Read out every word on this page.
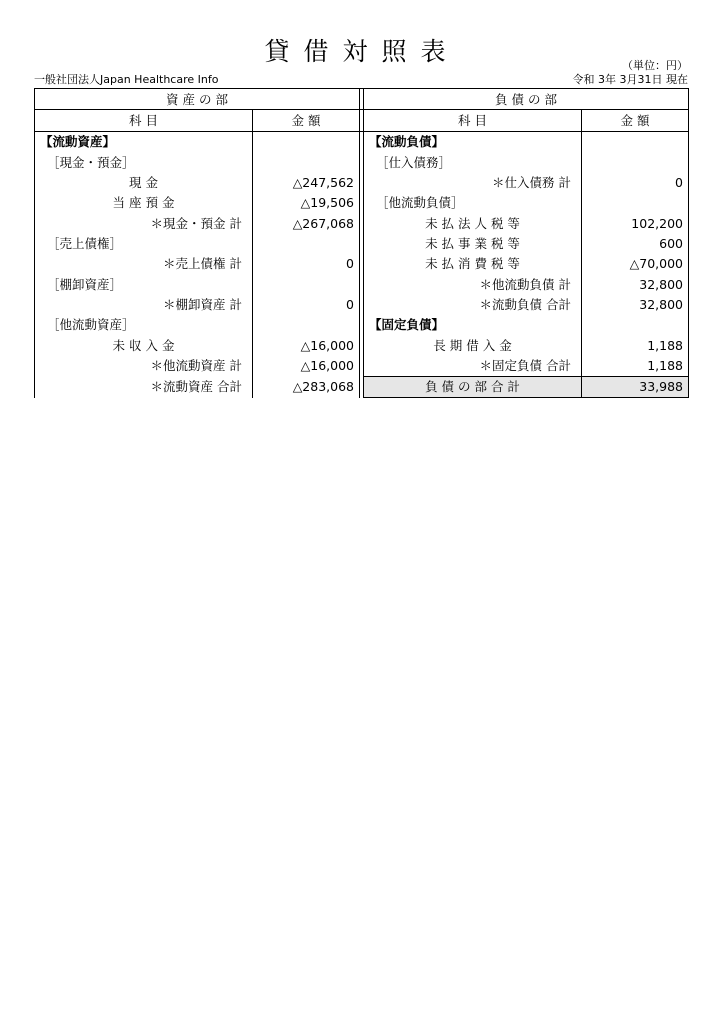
貸借対照表	（単位：円）
一般社団法人Japan Healthcare Info	令和 3年 3月31日 現在
資 産 の 部			負 債 の 部	
科 目	金 額		科 目	金 額
【流動資産】			【流動負債】	
［現金・預金］			［仕入債務］	
現 金	△247,562		＊仕入債務 計	0
当 座 預 金	△19,506		［他流動負債］	
＊現金・預金 計	△267,068		未 払 法 人 税 等	102,200
［売上債権］			未 払 事 業 税 等	600
＊売上債権 計	0		未 払 消 費 税 等	△70,000
［棚卸資産］			＊他流動負債 計	32,800
＊棚卸資産 計	0		＊流動負債 合計	32,800
［他流動資産］			【固定負債】	
未 収 入 金	△16,000		長 期 借 入 金	1,188
＊他流動資産 計	△16,000		＊固定負債 合計	1,188
＊流動資産 合計	△283,068		負 債 の 部 合 計	33,988
